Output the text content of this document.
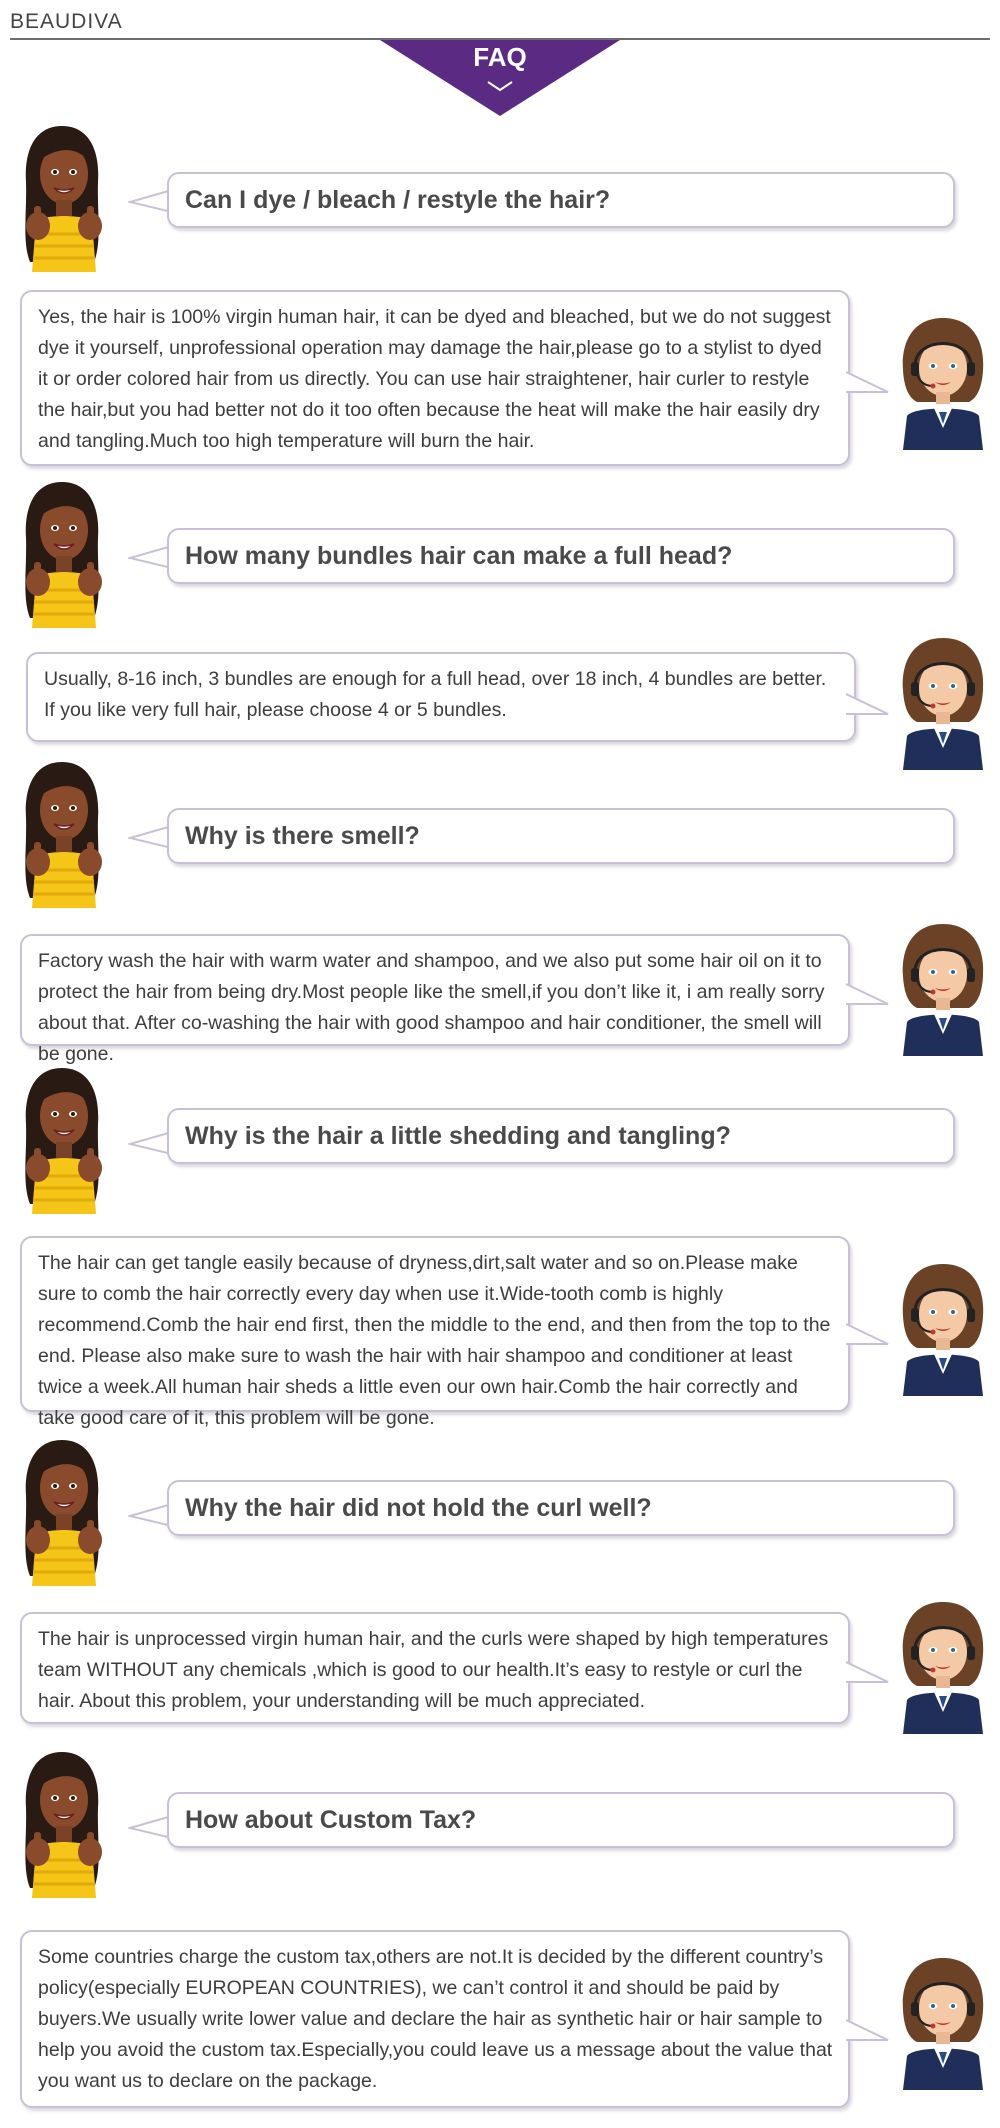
BEAUDIVA
FAQ
Can I dye / bleach / restyle the hair?
Yes, the hair is 100% virgin human hair, it can be dyed and bleached, but we do not suggest dye it yourself, unprofessional operation may damage the hair,please go to a stylist to dyed it or order colored hair from us directly. You can use hair straightener, hair curler to restyle the hair,but you had better not do it too often because the heat will make the hair easily dry and tangling.Much too high temperature will burn the hair.
How many bundles hair can make a full head?
Usually, 8-16 inch, 3 bundles are enough for a full head, over 18 inch, 4 bundles are better. If you like very full hair, please choose 4 or 5 bundles.
Why is there smell?
Factory wash the hair with warm water and shampoo, and we also put some hair oil on it to protect the hair from being dry.Most people like the smell,if you don’t like it, i am really sorry about that. After co-washing the hair with good shampoo and hair conditioner, the smell will be gone.
Why is the hair a little shedding and tangling?
The hair can get tangle easily because of dryness,dirt,salt water and so on.Please make sure to comb the hair correctly every day when use it.Wide-tooth comb is highly recommend.Comb the hair end first, then the middle to the end, and then from the top to the end. Please also make sure to wash the hair with hair shampoo and conditioner at least twice a week.All human hair sheds a little even our own hair.Comb the hair correctly and take good care of it, this problem will be gone.
Why the hair did not hold the curl well?
The hair is unprocessed virgin human hair, and the curls were shaped by high temperatures team WITHOUT any chemicals ,which is good to our health.It’s easy to restyle or curl the hair. About this problem, your understanding will be much appreciated.
How about Custom Tax?
Some countries charge the custom tax,others are not.It is decided by the different country’s policy(especially EUROPEAN COUNTRIES), we can’t control it and should be paid by buyers.We usually write lower value and declare the hair as synthetic hair or hair sample to help you avoid the custom tax.Especially,you could leave us a message about the value that you want us to declare on the package.
